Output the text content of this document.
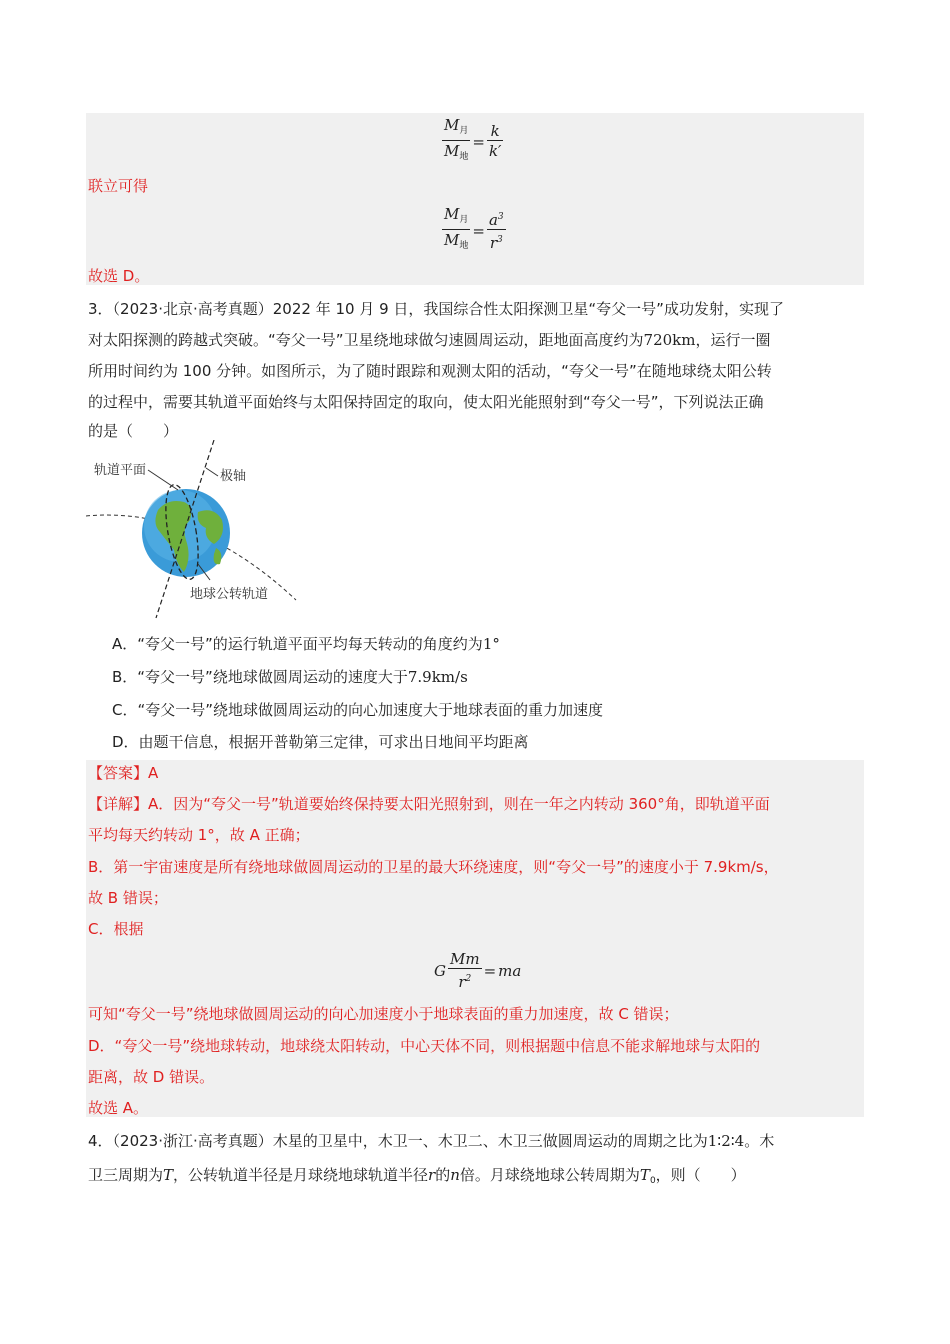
$\frac{M_月}{M_地} = \frac{k}{k'}$
联立可得
$\frac{M_月}{M_地} = \frac{a^3}{r^3}$
故选 D。
3．（2023·北京·高考真题）2022 年 10 月 9 日，我国综合性太阳探测卫星“夸父一号”成功发射，实现了
对太阳探测的跨越式突破。“夸父一号”卫星绕地球做匀速圆周运动，距地面高度约为720km，运行一圈
所用时间约为 100 分钟。如图所示，为了随时跟踪和观测太阳的活动，“夸父一号”在随地球绕太阳公转
的过程中，需要其轨道平面始终与太阳保持固定的取向，使太阳光能照射到“夸父一号”，下列说法正确
的是（　　）
轨道平面	极轴
地球公转轨道
A．“夸父一号”的运行轨道平面平均每天转动的角度约为1°
B．“夸父一号”绕地球做圆周运动的速度大于7.9km/s
C．“夸父一号”绕地球做圆周运动的向心加速度大于地球表面的重力加速度
D．由题干信息，根据开普勒第三定律，可求出日地间平均距离
【答案】A
【详解】A．因为“夸父一号”轨道要始终保持要太阳光照射到，则在一年之内转动 360°角，即轨道平面
平均每天约转动 1°，故 A 正确；
B．第一宇宙速度是所有绕地球做圆周运动的卫星的最大环绕速度，则“夸父一号”的速度小于 7.9km/s，
故 B 错误；
C．根据
G $\frac{Mm}{r^2}$ = ma
可知“夸父一号”绕地球做圆周运动的向心加速度小于地球表面的重力加速度，故 C 错误；
D．“夸父一号”绕地球转动，地球绕太阳转动，中心天体不同，则根据题中信息不能求解地球与太阳的
距离，故 D 错误。
故选 A。
4．（2023·浙江·高考真题）木星的卫星中，木卫一、木卫二、木卫三做圆周运动的周期之比为1∶2∶4。木
卫三周期为T，公转轨道半径是月球绕地球轨道半径r的n倍。月球绕地球公转周期为$T_0$，则（　　）
